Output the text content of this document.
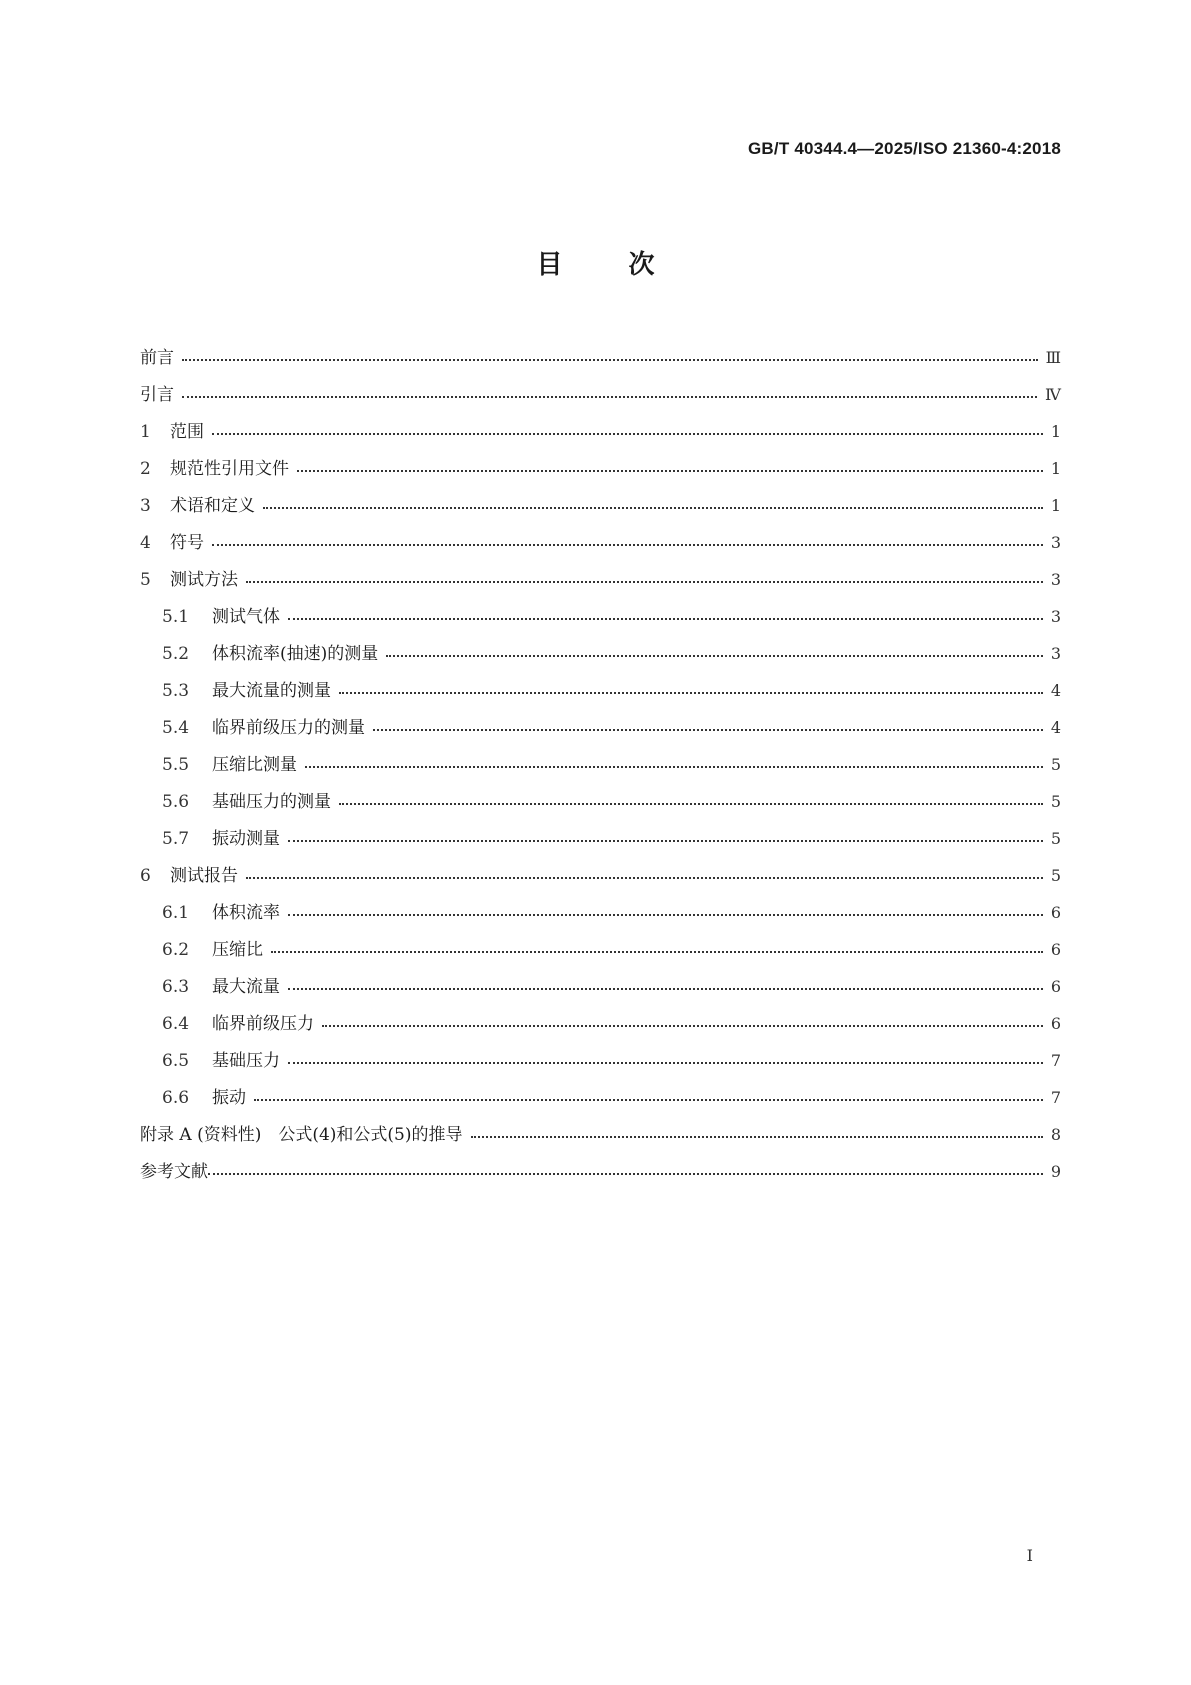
GB/T 40344.4—2025/ISO 21360-4:2018
目次
前言	Ⅲ
引言	Ⅳ
1	范围	1
2	规范性引用文件	1
3	术语和定义	1
4	符号	3
5	测试方法	3
5.1	测试气体	3
5.2	体积流率(抽速)的测量	3
5.3	最大流量的测量	4
5.4	临界前级压力的测量	4
5.5	压缩比测量	5
5.6	基础压力的测量	5
5.7	振动测量	5
6	测试报告	5
6.1	体积流率	6
6.2	压缩比	6
6.3	最大流量	6
6.4	临界前级压力	6
6.5	基础压力	7
6.6	振动	7
附录 A (资料性)　公式(4)和公式(5)的推导	8
参考文献	9
I
